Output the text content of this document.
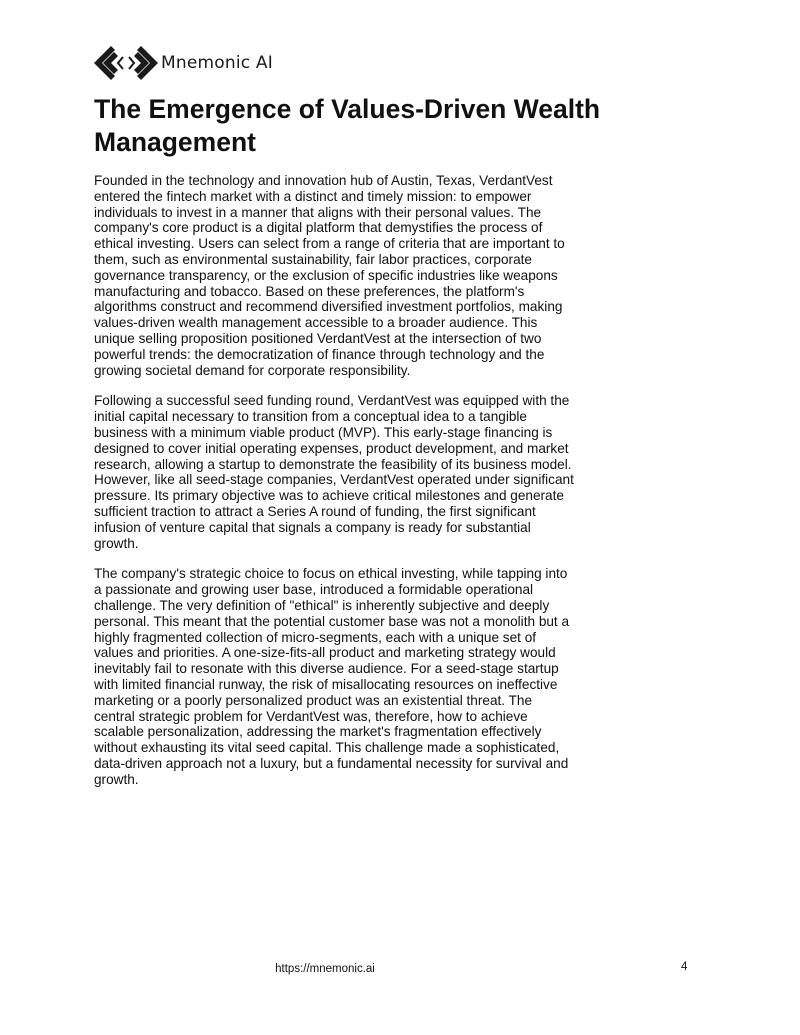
Mnemonic AI
The Emergence of Values-Driven Wealth Management

Founded in the technology and innovation hub of Austin, Texas, VerdantVest entered the fintech market with a distinct and timely mission: to empower individuals to invest in a manner that aligns with their personal values. The company's core product is a digital platform that demystifies the process of ethical investing. Users can select from a range of criteria that are important to them, such as environmental sustainability, fair labor practices, corporate governance transparency, or the exclusion of specific industries like weapons manufacturing and tobacco. Based on these preferences, the platform's algorithms construct and recommend diversified investment portfolios, making values-driven wealth management accessible to a broader audience. This unique selling proposition positioned VerdantVest at the intersection of two powerful trends: the democratization of finance through technology and the growing societal demand for corporate responsibility.

Following a successful seed funding round, VerdantVest was equipped with the initial capital necessary to transition from a conceptual idea to a tangible business with a minimum viable product (MVP). This early-stage financing is designed to cover initial operating expenses, product development, and market research, allowing a startup to demonstrate the feasibility of its business model. However, like all seed-stage companies, VerdantVest operated under significant pressure. Its primary objective was to achieve critical milestones and generate sufficient traction to attract a Series A round of funding, the first significant infusion of venture capital that signals a company is ready for substantial growth.

The company's strategic choice to focus on ethical investing, while tapping into a passionate and growing user base, introduced a formidable operational challenge. The very definition of "ethical" is inherently subjective and deeply personal. This meant that the potential customer base was not a monolith but a highly fragmented collection of micro-segments, each with a unique set of values and priorities. A one-size-fits-all product and marketing strategy would inevitably fail to resonate with this diverse audience. For a seed-stage startup with limited financial runway, the risk of misallocating resources on ineffective marketing or a poorly personalized product was an existential threat. The central strategic problem for VerdantVest was, therefore, how to achieve scalable personalization, addressing the market's fragmentation effectively without exhausting its vital seed capital. This challenge made a sophisticated, data-driven approach not a luxury, but a fundamental necessity for survival and growth.

https://mnemonic.ai	4
